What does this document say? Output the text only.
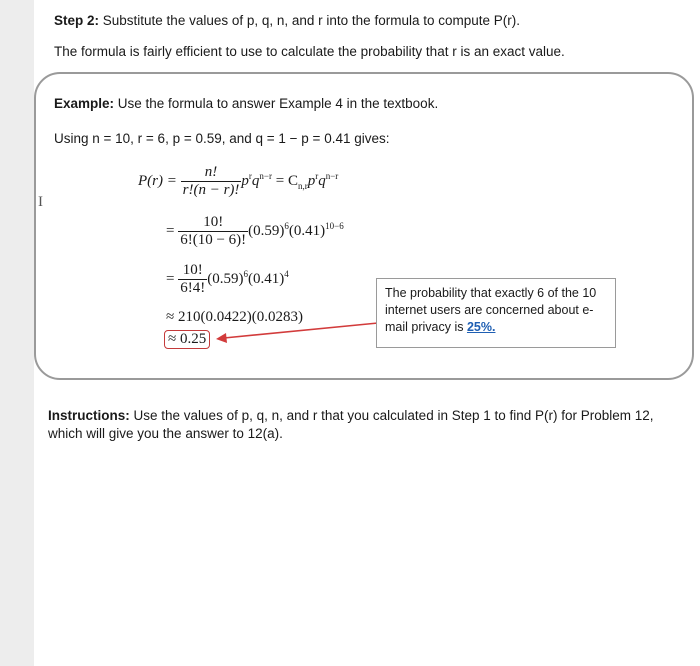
Step 2: Substitute the values of p, q, n, and r into the formula to compute P(r).
The formula is fairly efficient to use to calculate the probability that r is an exact value.
Example: Use the formula to answer Example 4 in the textbook.
Using n = 10, r = 6, p = 0.59, and q = 1 − p = 0.41 gives:
I
$P(r) = \frac{n!}{r!(n - r)!} p^rq^{n-r} = C_{n,r}p^rq^{n-r}$
= $\frac{10!}{6!(10 - 6)!} (0.59)^6(0.41)^{10-6}$
= $\frac{10!}{6!4!} (0.59)^6(0.41)^4$
≈ 210(0.0422)(0.0283)
≈ 0.25
The probability that exactly 6 of the 10 internet users are concerned about e-mail privacy is 25%.
Instructions: Use the values of p, q, n, and r that you calculated in Step 1 to find P(r) for Problem 12, which will give you the answer to 12(a).
